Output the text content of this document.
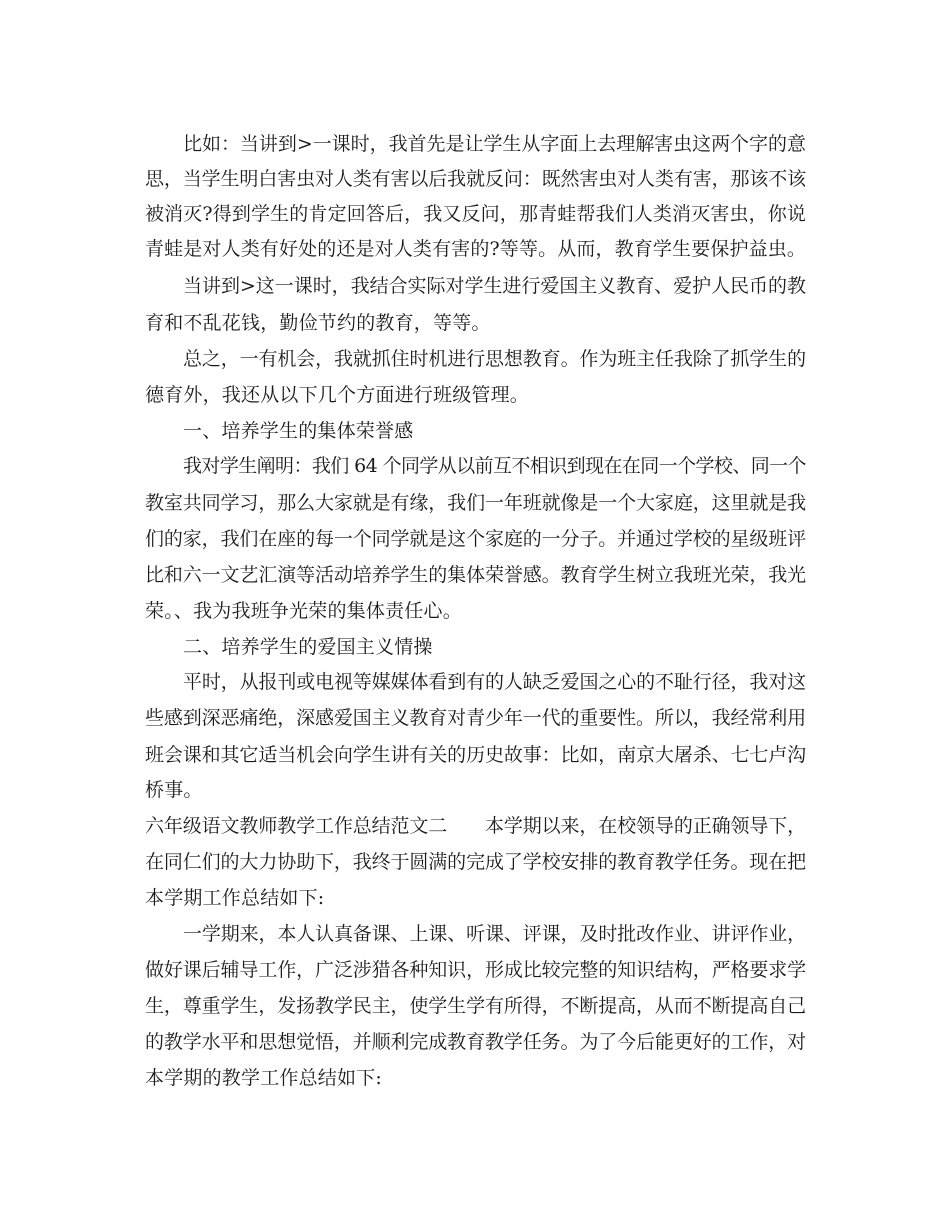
比如：当讲到>一课时，我首先是让学生从字面上去理解害虫这两个字的意
思，当学生明白害虫对人类有害以后我就反问：既然害虫对人类有害，那该不该
被消灭?得到学生的肯定回答后，我又反问，那青蛙帮我们人类消灭害虫，你说
青蛙是对人类有好处的还是对人类有害的?等等。从而，教育学生要保护益虫。
当讲到>这一课时，我结合实际对学生进行爱国主义教育、爱护人民币的教
育和不乱花钱，勤俭节约的教育，等等。
总之，一有机会，我就抓住时机进行思想教育。作为班主任我除了抓学生的
德育外，我还从以下几个方面进行班级管理。
一、培养学生的集体荣誉感
我对学生阐明：我们 64 个同学从以前互不相识到现在在同一个学校、同一个
教室共同学习，那么大家就是有缘，我们一年班就像是一个大家庭，这里就是我
们的家，我们在座的每一个同学就是这个家庭的一分子。并通过学校的星级班评
比和六一文艺汇演等活动培养学生的集体荣誉感。教育学生树立我班光荣，我光
荣。、我为我班争光荣的集体责任心。
二、培养学生的爱国主义情操
平时，从报刊或电视等媒媒体看到有的人缺乏爱国之心的不耻行径，我对这
些感到深恶痛绝，深感爱国主义教育对青少年一代的重要性。所以，我经常利用
班会课和其它适当机会向学生讲有关的历史故事：比如，南京大屠杀、七七卢沟
桥事。
六年级语文教师教学工作总结范文二　　本学期以来，在校领导的正确领导下，
在同仁们的大力协助下，我终于圆满的完成了学校安排的教育教学任务。现在把
本学期工作总结如下:
一学期来，本人认真备课、上课、听课、评课，及时批改作业、讲评作业，
做好课后辅导工作，广泛涉猎各种知识，形成比较完整的知识结构，严格要求学
生，尊重学生，发扬教学民主，使学生学有所得，不断提高，从而不断提高自己
的教学水平和思想觉悟，并顺利完成教育教学任务。为了今后能更好的工作，对
本学期的教学工作总结如下:
